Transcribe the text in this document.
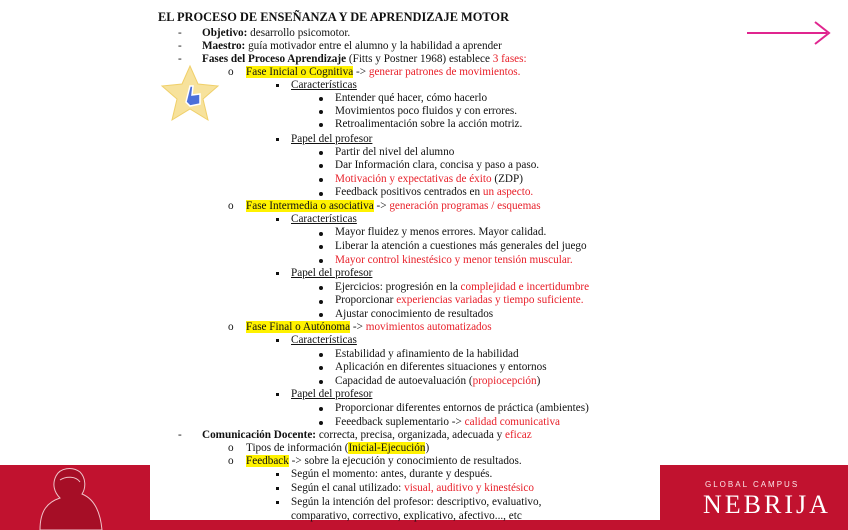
EL PROCESO DE ENSEÑANZA Y DE APRENDIZAJE MOTOR
- Objetivo: desarrollo psicomotor.
- Maestro: guía motivador entre el alumno y la habilidad a aprender
- Fases del Proceso Aprendizaje (Fitts y Postner 1968) establece 3 fases:
o Fase Inicial o Cognitiva -> generar patrones de movimientos.
Características
Entender qué hacer, cómo hacerlo
Movimientos poco fluidos y con errores.
Retroalimentación sobre la acción motriz.
Papel del profesor
Partir del nivel del alumno
Dar Información clara, concisa y paso a paso.
Motivación y expectativas de éxito (ZDP)
Feedback positivos centrados en un aspecto.
o Fase Intermedia o asociativa -> generación programas / esquemas
Características
Mayor fluidez y menos errores. Mayor calidad.
Liberar la atención a cuestiones más generales del juego
Mayor control kinestésico y menor tensión muscular.
Papel del profesor
Ejercicios: progresión en la complejidad e incertidumbre
Proporcionar experiencias variadas y tiempo suficiente.
Ajustar conocimiento de resultados
o Fase Final o Autónoma -> movimientos automatizados
Características
Estabilidad y afinamiento de la habilidad
Aplicación en diferentes situaciones y entornos
Capacidad de autoevaluación (propiocepción)
Papel del profesor
Proporcionar diferentes entornos de práctica (ambientes)
Feeedback suplementario -> calidad comunicativa
- Comunicación Docente: correcta, precisa, organizada, adecuada y eficaz
o Tipos de información (Inicial-Ejecución)
o Feedback -> sobre la ejecución y conocimiento de resultados.
Según el momento: antes, durante y después.
Según el canal utilizado: visual, auditivo y kinestésico
Según la intención del profesor: descriptivo, evaluativo,
comparativo, correctivo, explicativo, afectivo..., etc
GLOBAL CAMPUS
NEBRIJA
